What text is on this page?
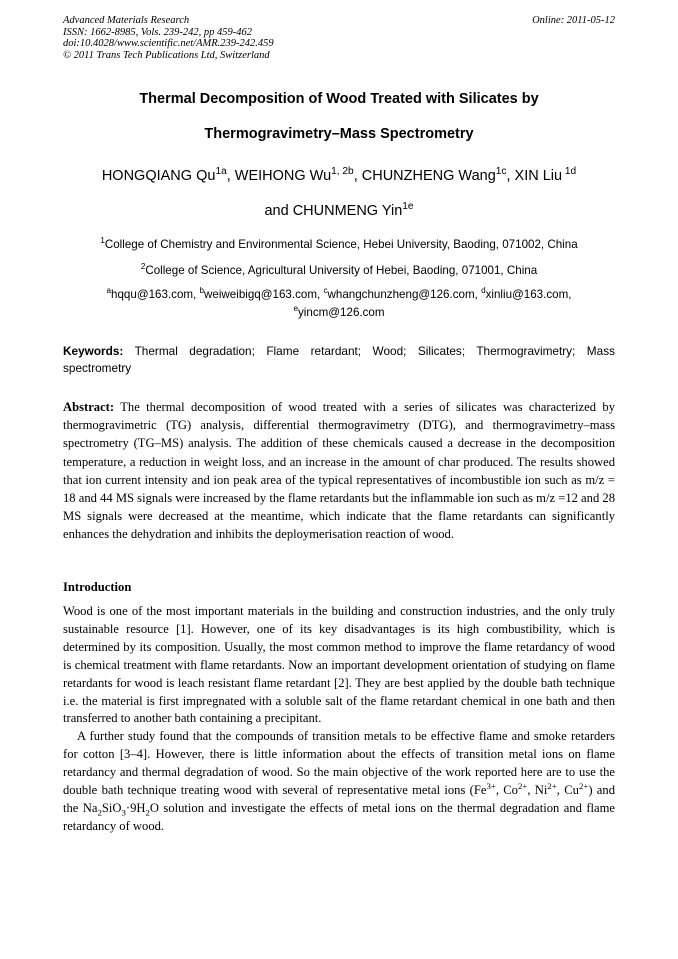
Advanced Materials Research
ISSN: 1662-8985, Vols. 239-242, pp 459-462
doi:10.4028/www.scientific.net/AMR.239-242.459
© 2011 Trans Tech Publications Ltd, Switzerland
Online: 2011-05-12
Thermal Decomposition of Wood Treated with Silicates by
Thermogravimetry–Mass Spectrometry
HONGQIANG $Qu^{1a}$, WEIHONG $Wu^{1, 2b}$, CHUNZHENG Wang$^{1c}$, XIN Liu $^{1d}$
and CHUNMENG Yin$^{1e}$
$^1$College of Chemistry and Environmental Science, Hebei University, Baoding, 071002, China
$^2$College of Science, Agricultural University of Hebei, Baoding, 071001, China
$^a$hqqu@163.com, $^b$weiweibigq@163.com, $^c$whangchunzheng@126.com, $^d$xinliu@163.com,
$^e$yincm@126.com
Keywords: Thermal degradation; Flame retardant; Wood; Silicates; Thermogravimetry; Mass spectrometry
Abstract: The thermal decomposition of wood treated with a series of silicates was characterized by thermogravimetric (TG) analysis, differential thermogravimetry (DTG), and thermogravimetry–mass spectrometry (TG–MS) analysis. The addition of these chemicals caused a decrease in the decomposition temperature, a reduction in weight loss, and an increase in the amount of char produced. The results showed that ion current intensity and ion peak area of the typical representatives of incombustible ion such as m/z = 18 and 44 MS signals were increased by the flame retardants but the inflammable ion such as m/z =12 and 28 MS signals were decreased at the meantime, which indicate that the flame retardants can significantly enhances the dehydration and inhibits the deploymerisation reaction of wood.
Introduction

Wood is one of the most important materials in the building and construction industries, and the only truly sustainable resource [1]. However, one of its key disadvantages is its high combustibility, which is determined by its composition. Usually, the most common method to improve the flame retardancy of wood is chemical treatment with flame retardants. Now an important development orientation of studying on flame retardants for wood is leach resistant flame retardant [2]. They are best applied by the double bath technique i.e. the material is first impregnated with a soluble salt of the flame retardant chemical in one bath and then transferred to another bath containing a precipitant.

A further study found that the compounds of transition metals to be effective flame and smoke retarders for cotton [3–4]. However, there is little information about the effects of transition metal ions on flame retardancy and thermal degradation of wood. So the main objective of the work reported here are to use the double bath technique treating wood with several of representative metal ions ($Fe^{3+}$, $Co^{2+}$, $Ni^{2+}$, $Cu^{2+}$) and the $Na_2SiO_3\cdot 9H_2O$ solution and investigate the effects of metal ions on the thermal degradation and flame retardancy of wood.
